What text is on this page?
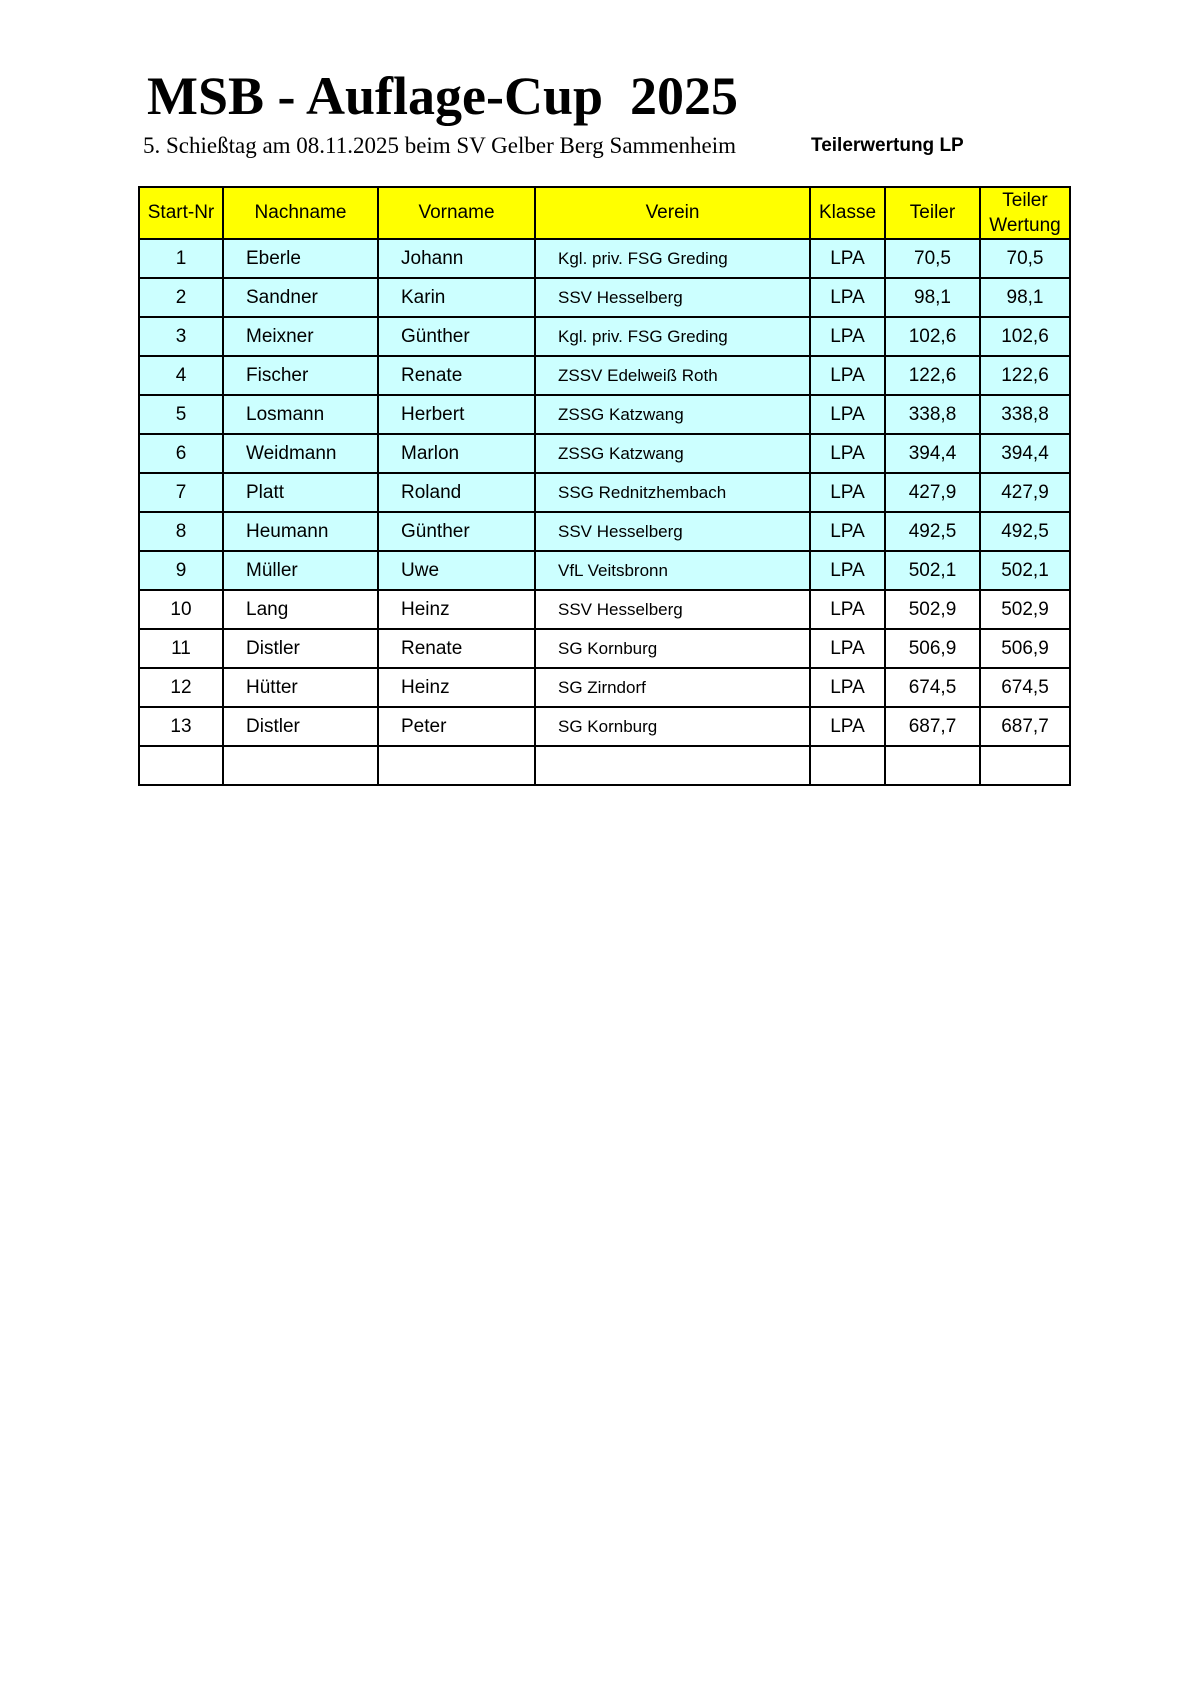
MSB - Auflage-Cup  2025
5. Schießtag am 08.11.2025 beim SV Gelber Berg Sammenheim	Teilerwertung LP
Start-Nr	Nachname	Vorname	Verein	Klasse	Teiler	Teiler Wertung
1	Eberle	Johann	Kgl. priv. FSG Greding	LPA	70,5	70,5
2	Sandner	Karin	SSV Hesselberg	LPA	98,1	98,1
3	Meixner	Günther	Kgl. priv. FSG Greding	LPA	102,6	102,6
4	Fischer	Renate	ZSSV Edelweiß Roth	LPA	122,6	122,6
5	Losmann	Herbert	ZSSG Katzwang	LPA	338,8	338,8
6	Weidmann	Marlon	ZSSG Katzwang	LPA	394,4	394,4
7	Platt	Roland	SSG Rednitzhembach	LPA	427,9	427,9
8	Heumann	Günther	SSV Hesselberg	LPA	492,5	492,5
9	Müller	Uwe	VfL Veitsbronn	LPA	502,1	502,1
10	Lang	Heinz	SSV Hesselberg	LPA	502,9	502,9
11	Distler	Renate	SG Kornburg	LPA	506,9	506,9
12	Hütter	Heinz	SG Zirndorf	LPA	674,5	674,5
13	Distler	Peter	SG Kornburg	LPA	687,7	687,7
